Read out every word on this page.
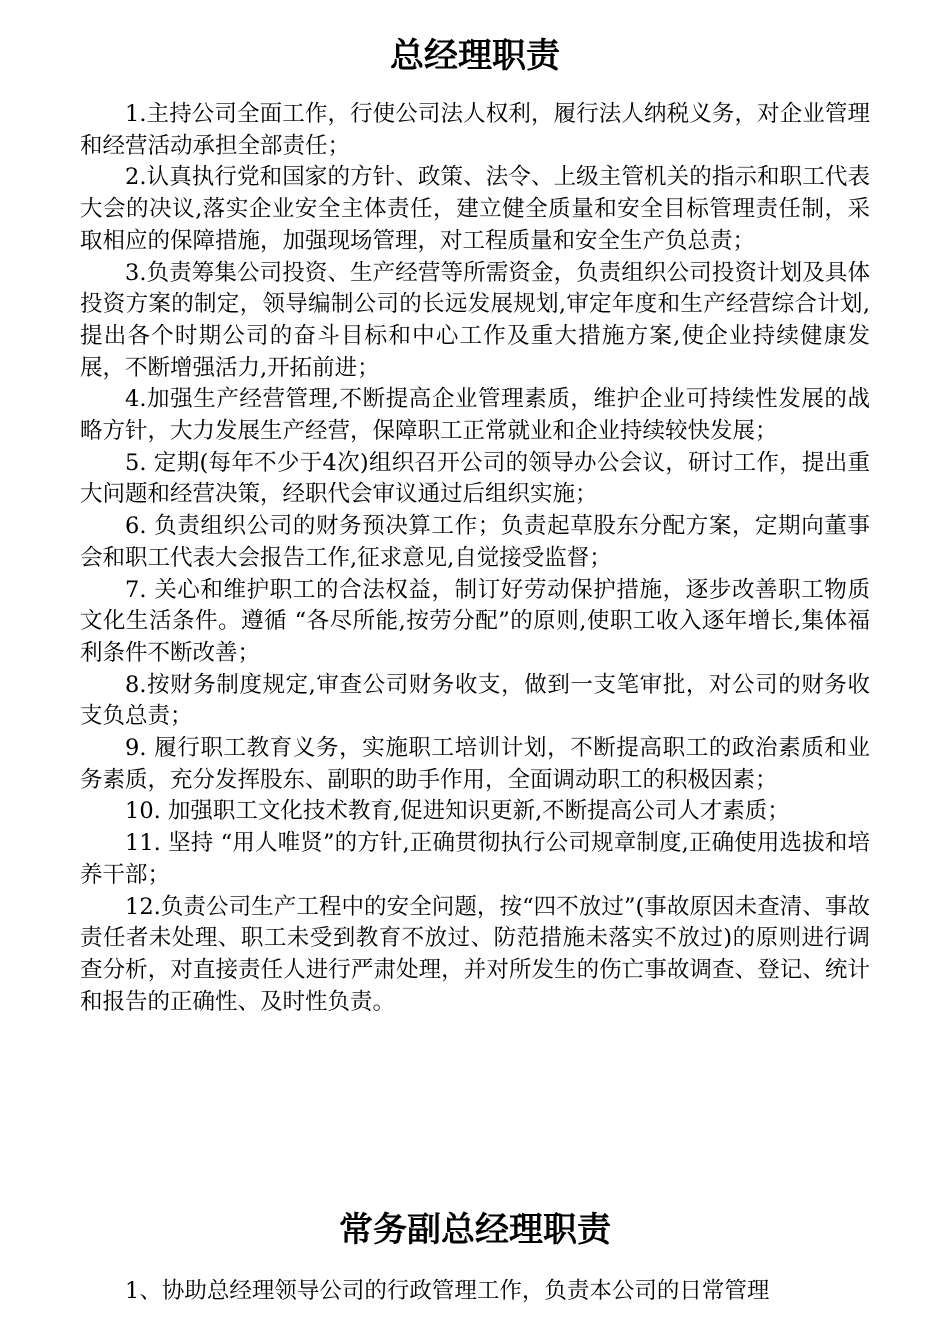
总经理职责

1.主持公司全面工作，行使公司法人权利，履行法人纳税义务，对企业管理和经营活动承担全部责任；

2.认真执行党和国家的方针、政策、法令、上级主管机关的指示和职工代表大会的决议,落实企业安全主体责任，建立健全质量和安全目标管理责任制，采取相应的保障措施，加强现场管理，对工程质量和安全生产负总责；

3.负责筹集公司投资、生产经营等所需资金，负责组织公司投资计划及具体投资方案的制定，领导编制公司的长远发展规划,审定年度和生产经营综合计划,提出各个时期公司的奋斗目标和中心工作及重大措施方案,使企业持续健康发展，不断增强活力,开拓前进；

4.加强生产经营管理,不断提高企业管理素质，维护企业可持续性发展的战略方针，大力发展生产经营，保障职工正常就业和企业持续较快发展；

5. 定期(每年不少于4次)组织召开公司的领导办公会议，研讨工作，提出重大问题和经营决策，经职代会审议通过后组织实施；

6. 负责组织公司的财务预决算工作；负责起草股东分配方案，定期向董事会和职工代表大会报告工作,征求意见,自觉接受监督；

7. 关心和维护职工的合法权益，制订好劳动保护措施，逐步改善职工物质文化生活条件。遵循 “各尽所能,按劳分配”的原则,使职工收入逐年增长,集体福利条件不断改善；

8.按财务制度规定,审查公司财务收支，做到一支笔审批，对公司的财务收支负总责；

9. 履行职工教育义务，实施职工培训计划，不断提高职工的政治素质和业务素质，充分发挥股东、副职的助手作用，全面调动职工的积极因素；

10. 加强职工文化技术教育,促进知识更新,不断提高公司人才素质；

11. 坚持 “用人唯贤”的方针,正确贯彻执行公司规章制度,正确使用选拔和培养干部；

12.负责公司生产工程中的安全问题，按“四不放过”(事故原因未查清、事故责任者未处理、职工未受到教育不放过、防范措施未落实不放过)的原则进行调查分析，对直接责任人进行严肃处理，并对所发生的伤亡事故调查、登记、统计和报告的正确性、及时性负责。

常务副总经理职责

1、协助总经理领导公司的行政管理工作，负责本公司的日常管理
